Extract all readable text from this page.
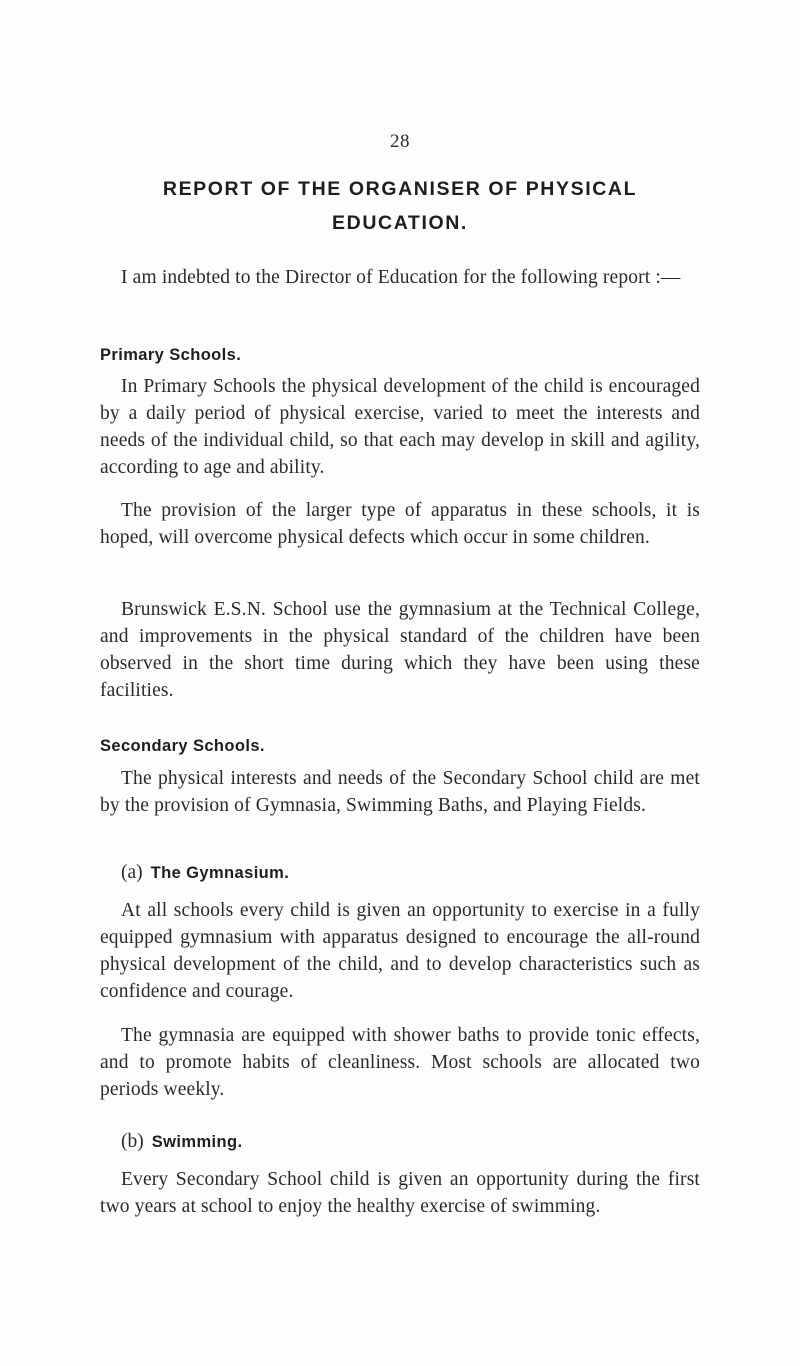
28
REPORT OF THE ORGANISER OF PHYSICAL EDUCATION.

I am indebted to the Director of Education for the following report :—

Primary Schools.

In Primary Schools the physical development of the child is encouraged by a daily period of physical exercise, varied to meet the interests and needs of the individual child, so that each may develop in skill and agility, according to age and ability.

The provision of the larger type of apparatus in these schools, it is hoped, will overcome physical defects which occur in some children.

Brunswick E.S.N. School use the gymnasium at the Technical College, and improvements in the physical standard of the children have been observed in the short time during which they have been using these facilities.

Secondary Schools.

The physical interests and needs of the Secondary School child are met by the provision of Gymnasia, Swimming Baths, and Playing Fields.

(a) The Gymnasium.

At all schools every child is given an opportunity to exercise in a fully equipped gymnasium with apparatus designed to encourage the all-round physical development of the child, and to develop characteristics such as confidence and courage.

The gymnasia are equipped with shower baths to provide tonic effects, and to promote habits of cleanliness. Most schools are allocated two periods weekly.

(b) Swimming.

Every Secondary School child is given an opportunity during the first two years at school to enjoy the healthy exercise of swimming.
